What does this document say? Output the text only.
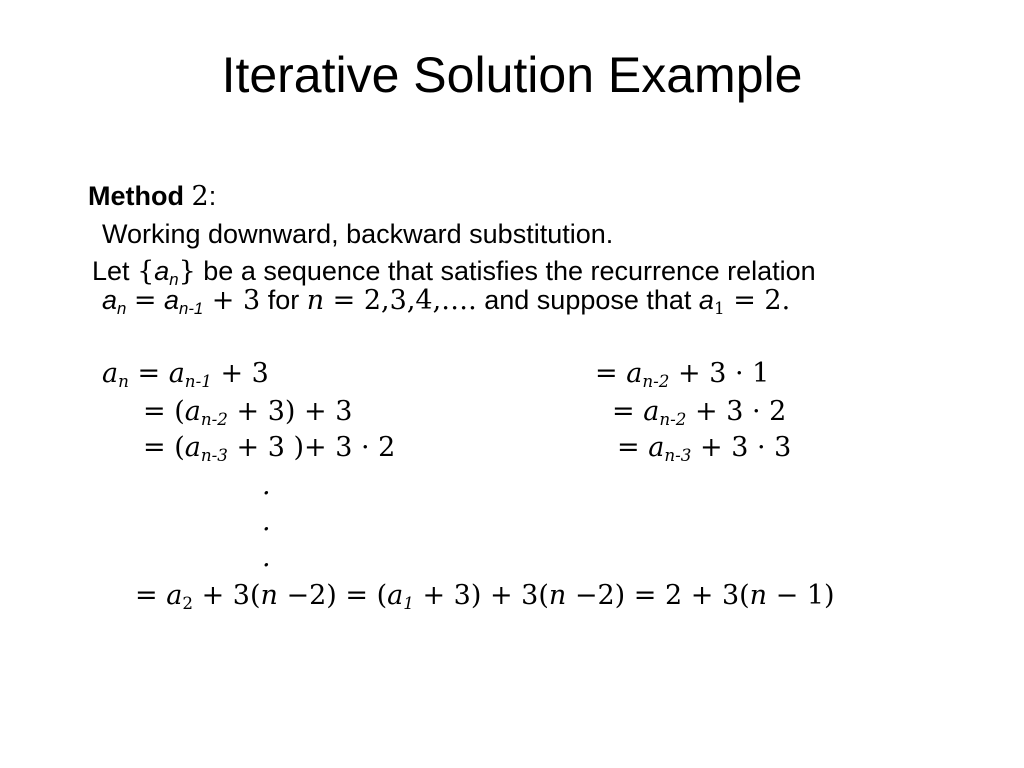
Iterative Solution Example
Method 2:
Working downward, backward substitution.
Let $\{a_n\}$ be a sequence that satisfies the recurrence relation
$a_n = a_{n-1} + 3$ for n = 2,3,4,…. and suppose that $a_1 = 2$.
$a_n = a_{n-1} + 3$
= $(a_{n-2} + 3) + 3$
= ($a_{n-3} + 3$ )+ 3 · 2
= $a_{n-2} + 3 \cdot 1$
= $a_{n-2} + 3 \cdot 2$
= $a_{n-3} + 3 \cdot 3$
.
.
.
= $a_2 + 3(n -2) = (a_1 + 3) + 3(n -2) = 2 + 3(n - 1)$
